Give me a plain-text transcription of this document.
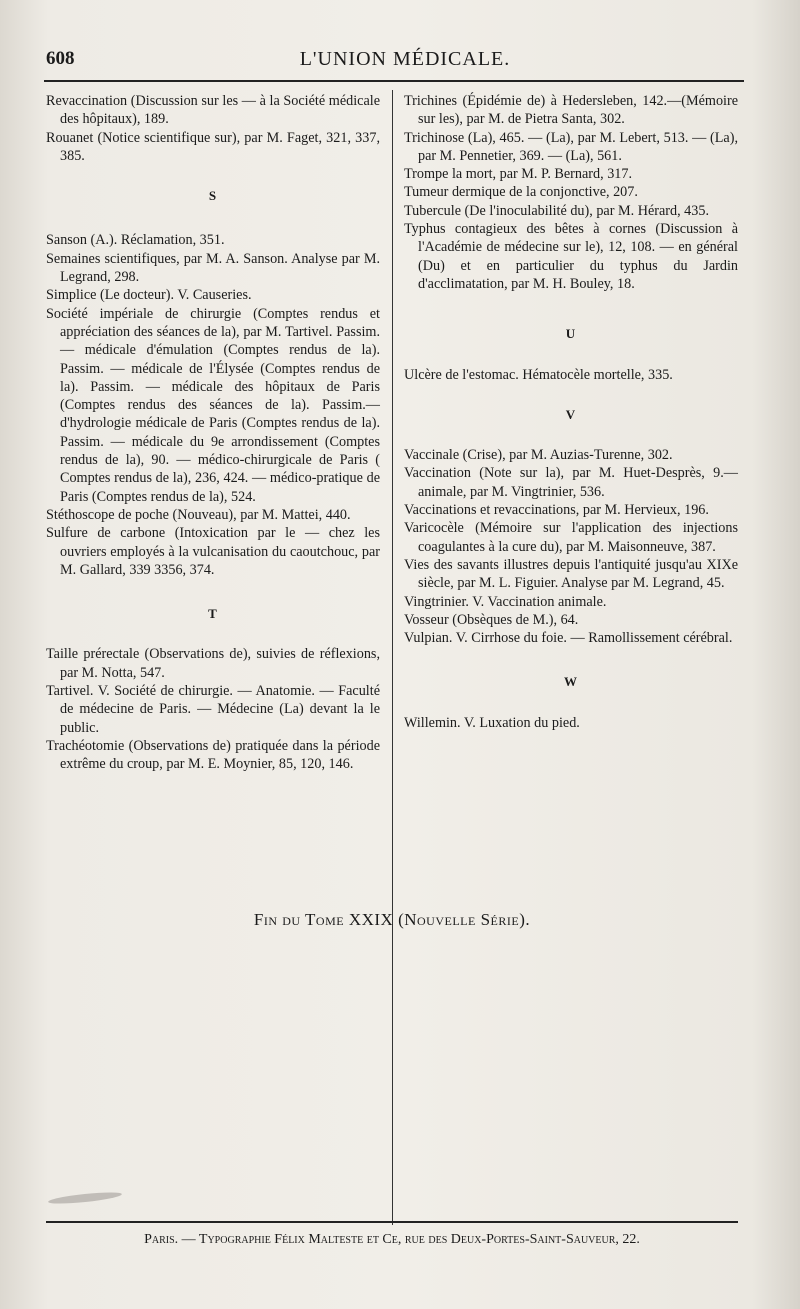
608	L'UNION MÉDICALE.

Revaccination (Discussion sur les — à la Société médicale des hôpitaux), 189.

Rouanet (Notice scientifique sur), par M. Faget, 321, 337, 385.

S

Sanson (A.). Réclamation, 351.

Semaines scientifiques, par M. A. Sanson. Analyse par M. Legrand, 298.

Simplice (Le docteur). V. Causeries.

Société impériale de chirurgie (Comptes rendus et appréciation des séances de la), par M. Tartivel. Passim. — médicale d'émulation (Comptes rendus de la). Passim. — médicale de l'Élysée (Comptes rendus de la). Passim. — médicale des hôpitaux de Paris (Comptes rendus des séances de la). Passim.— d'hydrologie médicale de Paris (Comptes rendus de la). Passim. — médicale du 9e arrondissement (Comptes rendus de la), 90. — médico-chirurgicale de Paris ( Comptes rendus de la), 236, 424. — médico-pratique de Paris (Comptes rendus de la), 524.

Stéthoscope de poche (Nouveau), par M. Mattei, 440.

Sulfure de carbone (Intoxication par le — chez les ouvriers employés à la vulcanisation du caoutchouc, par M. Gallard, 339 3356, 374.

T

Taille prérectale (Observations de), suivies de réflexions, par M. Notta, 547.

Tartivel. V. Société de chirurgie. — Anatomie. — Faculté de médecine de Paris. — Médecine (La) devant la le public.

Trachéotomie (Observations de) pratiquée dans la période extrême du croup, par M. E. Moynier, 85, 120, 146.

Trichines (Épidémie de) à Hedersleben, 142.—(Mémoire sur les), par M. de Pietra Santa, 302.

Trichinose (La), 465. — (La), par M. Lebert, 513. — (La), par M. Pennetier, 369. — (La), 561.

Trompe la mort, par M. P. Bernard, 317.

Tumeur dermique de la conjonctive, 207.

Tubercule (De l'inoculabilité du), par M. Hérard, 435.

Typhus contagieux des bêtes à cornes (Discussion à l'Académie de médecine sur le), 12, 108. — en général (Du) et en particulier du typhus du Jardin d'acclimatation, par M. H. Bouley, 18.

U

Ulcère de l'estomac. Hématocèle mortelle, 335.

V

Vaccinale (Crise), par M. Auzias-Turenne, 302.

Vaccination (Note sur la), par M. Huet-Desprès, 9.— animale, par M. Vingtrinier, 536.

Vaccinations et revaccinations, par M. Hervieux, 196.

Varicocèle (Mémoire sur l'application des injections coagulantes à la cure du), par M. Maisonneuve, 387.

Vies des savants illustres depuis l'antiquité jusqu'au XIXe siècle, par M. L. Figuier. Analyse par M. Legrand, 45.

Vingtrinier. V. Vaccination animale.

Vosseur (Obsèques de M.), 64.

Vulpian. V. Cirrhose du foie. — Ramollissement cérébral.

W

Willemin. V. Luxation du pied.

Fin du Tome XXIX (Nouvelle Série).
Paris. — Typographie Félix Malteste et Ce, rue des Deux-Portes-Saint-Sauveur, 22.
